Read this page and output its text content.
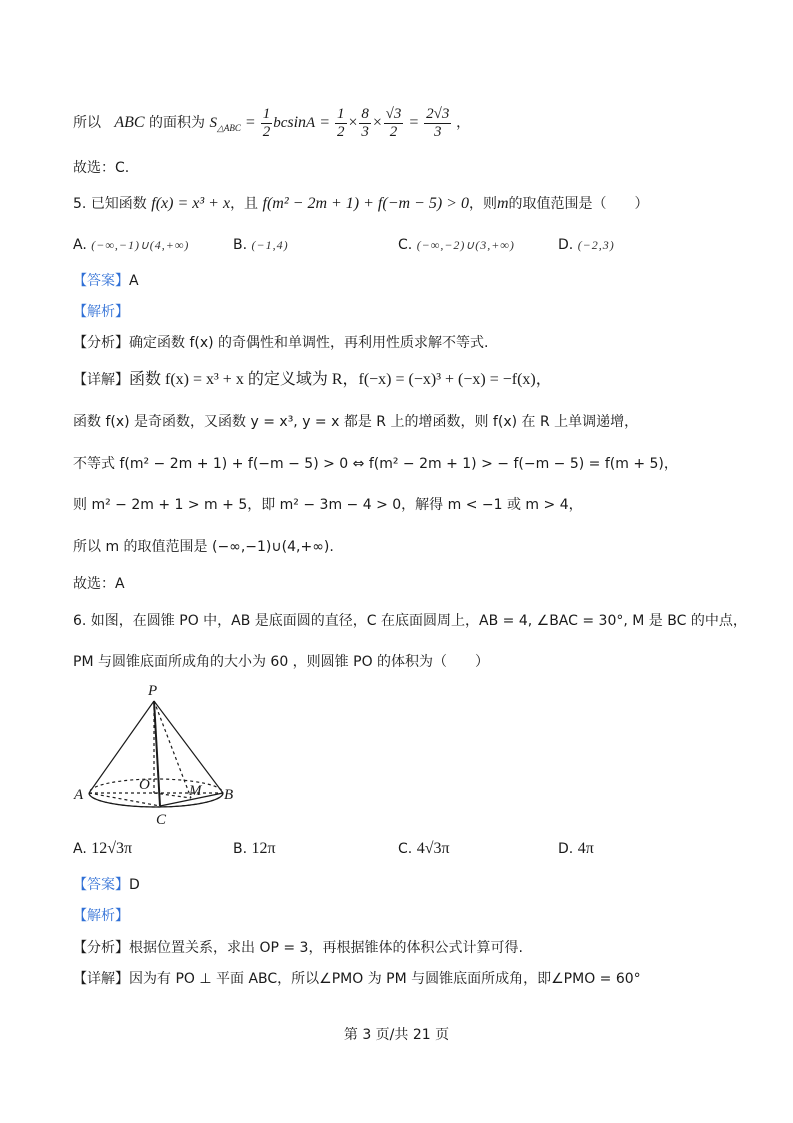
所以 ABC 的面积为 $S_{\triangle ABC} = \frac{1}{2}$ $bcsinA = \frac{1}{2} \times \frac{8}{3} \times \frac{√3}{2} = \frac{2√3}{3}$ ，
故选：C.
5. 已知函数 f(x) = x³ + x，且 f(m² − 2m + 1) + f(−m − 5) > 0，则m的取值范围是（　　）
A. (−∞,−1)∪(4,+∞)	B. (−1,4)	C. (−∞,−2)∪(3,+∞)	D. (−2,3)
【答案】A
【解析】
【分析】确定函数 f(x) 的奇偶性和单调性，再利用性质求解不等式.
【详解】函数 f(x) = x³ + x 的定义域为 R，f(−x) = (−x)³ + (−x) = −f(x)，
函数 f(x) 是奇函数，又函数 y = x³, y = x 都是 R 上的增函数，则 f(x) 在 R 上单调递增，
不等式 f(m² − 2m + 1) + f(−m − 5) > 0 ⇔ f(m² − 2m + 1) > − f(−m − 5) = f(m + 5)，
则 m² − 2m + 1 > m + 5，即 m² − 3m − 4 > 0，解得 m < −1 或 m > 4，
所以 m 的取值范围是 (−∞,−1)∪(4,+∞).
故选：A
6. 如图，在圆锥 PO 中，AB 是底面圆的直径，C 在底面圆周上，AB = 4, ∠BAC = 30°, M 是 BC 的中点，
PM 与圆锥底面所成角的大小为 60 ，则圆锥 PO 的体积为（　　）
P
O	M
A	B
C
A. 12√3π	B. 12π	C. 4√3π	D. 4π
【答案】D
【解析】
【分析】根据位置关系，求出 OP = 3，再根据锥体的体积公式计算可得.
【详解】因为有 PO ⊥ 平面 ABC，所以∠PMO 为 PM 与圆锥底面所成角，即∠PMO = 60°
第 3 页/共 21 页
